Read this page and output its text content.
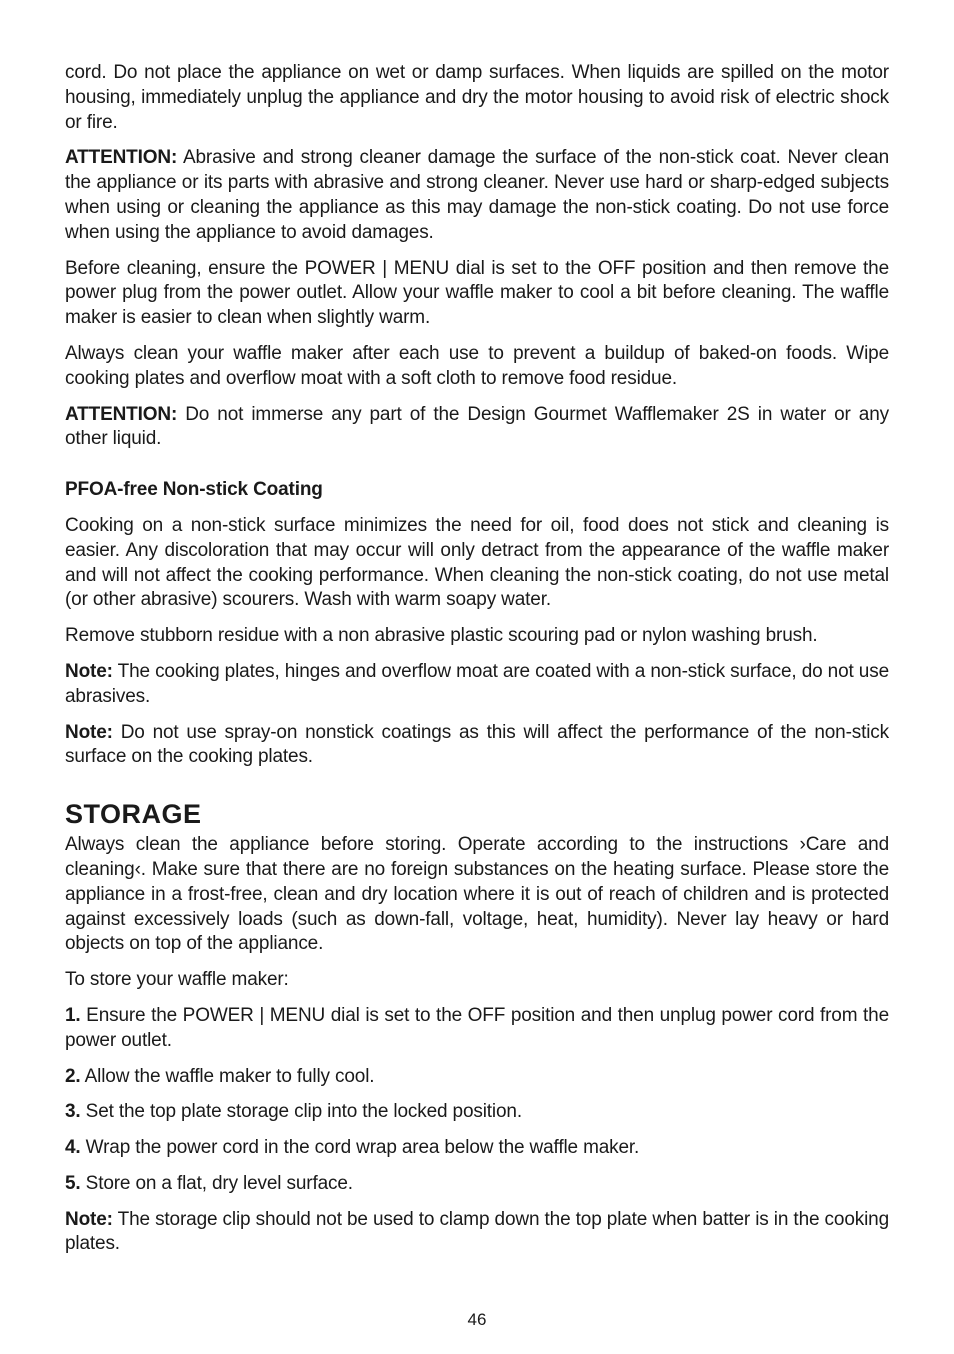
cord. Do not place the appliance on wet or damp surfaces. When liquids are spilled on the motor housing, immediately unplug the appliance and dry the motor housing to avoid risk of electric shock or fire.

ATTENTION: Abrasive and strong cleaner damage the surface of the non-stick coat. Never clean the appliance or its parts with abrasive and strong cleaner. Never use hard or sharp-edged subjects when using or cleaning the appliance as this may damage the non-stick coating. Do not use force when using the appliance to avoid damages.

Before cleaning, ensure the POWER | MENU dial is set to the OFF position and then remove the power plug from the power outlet. Allow your waffle maker to cool a bit before cleaning. The waffle maker is easier to clean when slightly warm.

Always clean your waffle maker after each use to prevent a buildup of baked-on foods. Wipe cooking plates and overflow moat with a soft cloth to remove food residue.

ATTENTION: Do not immerse any part of the Design Gourmet Wafflemaker 2S in water or any other liquid.

PFOA-free Non-stick Coating

Cooking on a non-stick surface minimizes the need for oil, food does not stick and cleaning is easier. Any discoloration that may occur will only detract from the appearance of the waffle maker and will not affect the cooking performance. When cleaning the non-stick coating, do not use metal (or other abrasive) scourers. Wash with warm soapy water.

Remove stubborn residue with a non abrasive plastic scouring pad or nylon washing brush.

Note: The cooking plates, hinges and overflow moat are coated with a non-stick surface, do not use abrasives.

Note: Do not use spray-on nonstick coatings as this will affect the performance of the non-stick surface on the cooking plates.

STORAGE

Always clean the appliance before storing. Operate according to the instructions ›Care and cleaning‹. Make sure that there are no foreign substances on the heating surface. Please store the appliance in a frost-free, clean and dry location where it is out of reach of children and is protected against excessively loads (such as down-fall, voltage, heat, humidity). Never lay heavy or hard objects on top of the appliance.

To store your waffle maker:

1. Ensure the POWER | MENU dial is set to the OFF position and then unplug power cord from the power outlet.

2. Allow the waffle maker to fully cool.

3. Set the top plate storage clip into the locked position.

4. Wrap the power cord in the cord wrap area below the waffle maker.

5. Store on a flat, dry level surface.

Note: The storage clip should not be used to clamp down the top plate when batter is in the cooking plates.

46
